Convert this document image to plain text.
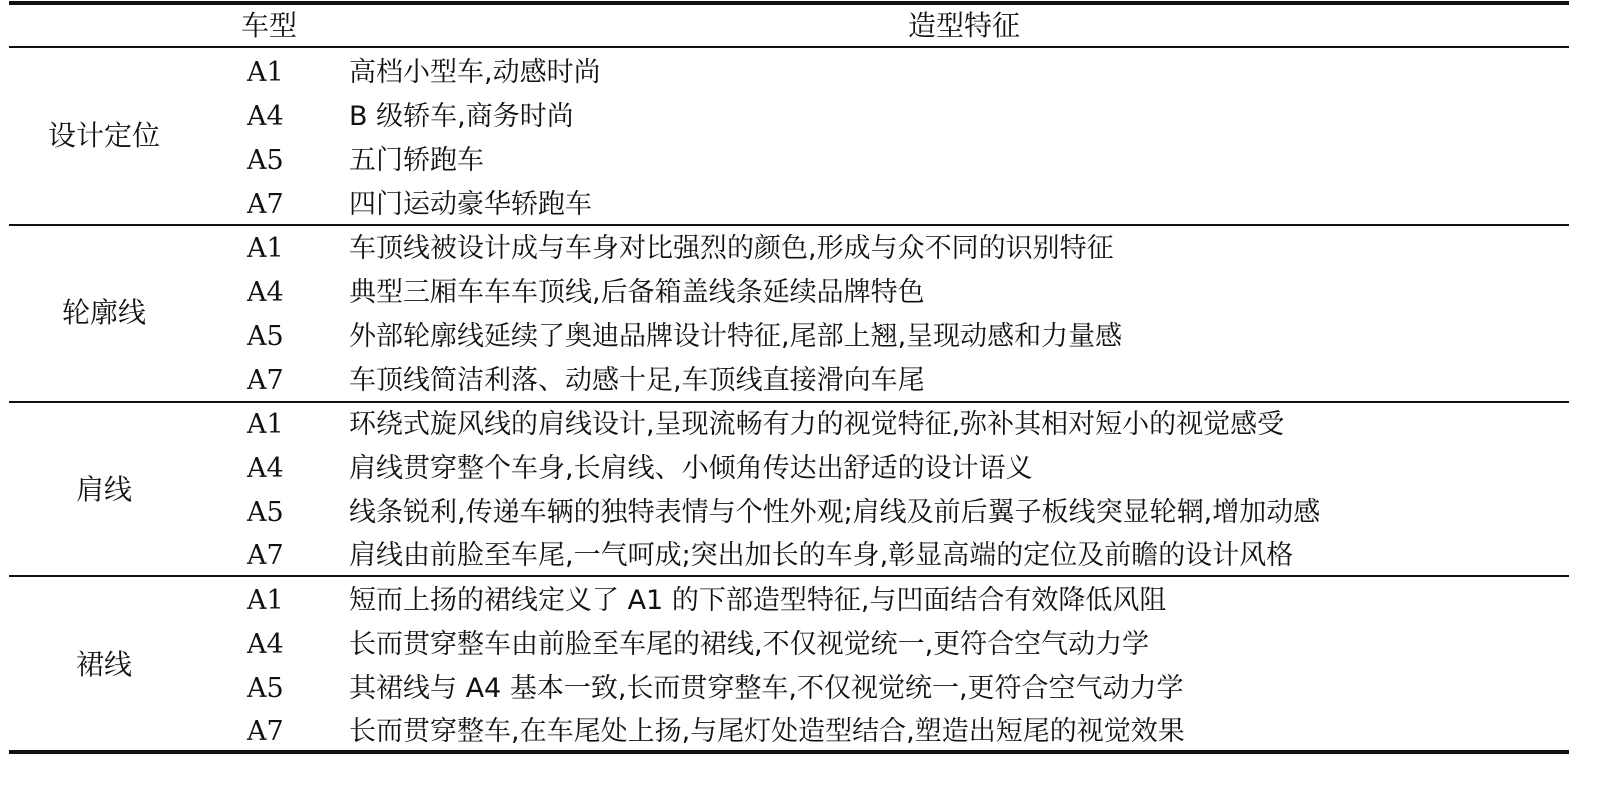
车型	造型特征
设计定位
A1	高档小型车,动感时尚
A4	B 级轿车,商务时尚
A5	五门轿跑车
A7	四门运动豪华轿跑车
轮廓线
A1	车顶线被设计成与车身对比强烈的颜色,形成与众不同的识别特征
A4	典型三厢车车车顶线,后备箱盖线条延续品牌特色
A5	外部轮廓线延续了奥迪品牌设计特征,尾部上翘,呈现动感和力量感
A7	车顶线简洁利落、动感十足,车顶线直接滑向车尾
肩线
A1	环绕式旋风线的肩线设计,呈现流畅有力的视觉特征,弥补其相对短小的视觉感受
A4	肩线贯穿整个车身,长肩线、小倾角传达出舒适的设计语义
A5	线条锐利,传递车辆的独特表情与个性外观;肩线及前后翼子板线突显轮辋,增加动感
A7	肩线由前脸至车尾,一气呵成;突出加长的车身,彰显高端的定位及前瞻的设计风格
裙线
A1	短而上扬的裙线定义了 A1 的下部造型特征,与凹面结合有效降低风阻
A4	长而贯穿整车由前脸至车尾的裙线,不仅视觉统一,更符合空气动力学
A5	其裙线与 A4 基本一致,长而贯穿整车,不仅视觉统一,更符合空气动力学
A7	长而贯穿整车,在车尾处上扬,与尾灯处造型结合,塑造出短尾的视觉效果
